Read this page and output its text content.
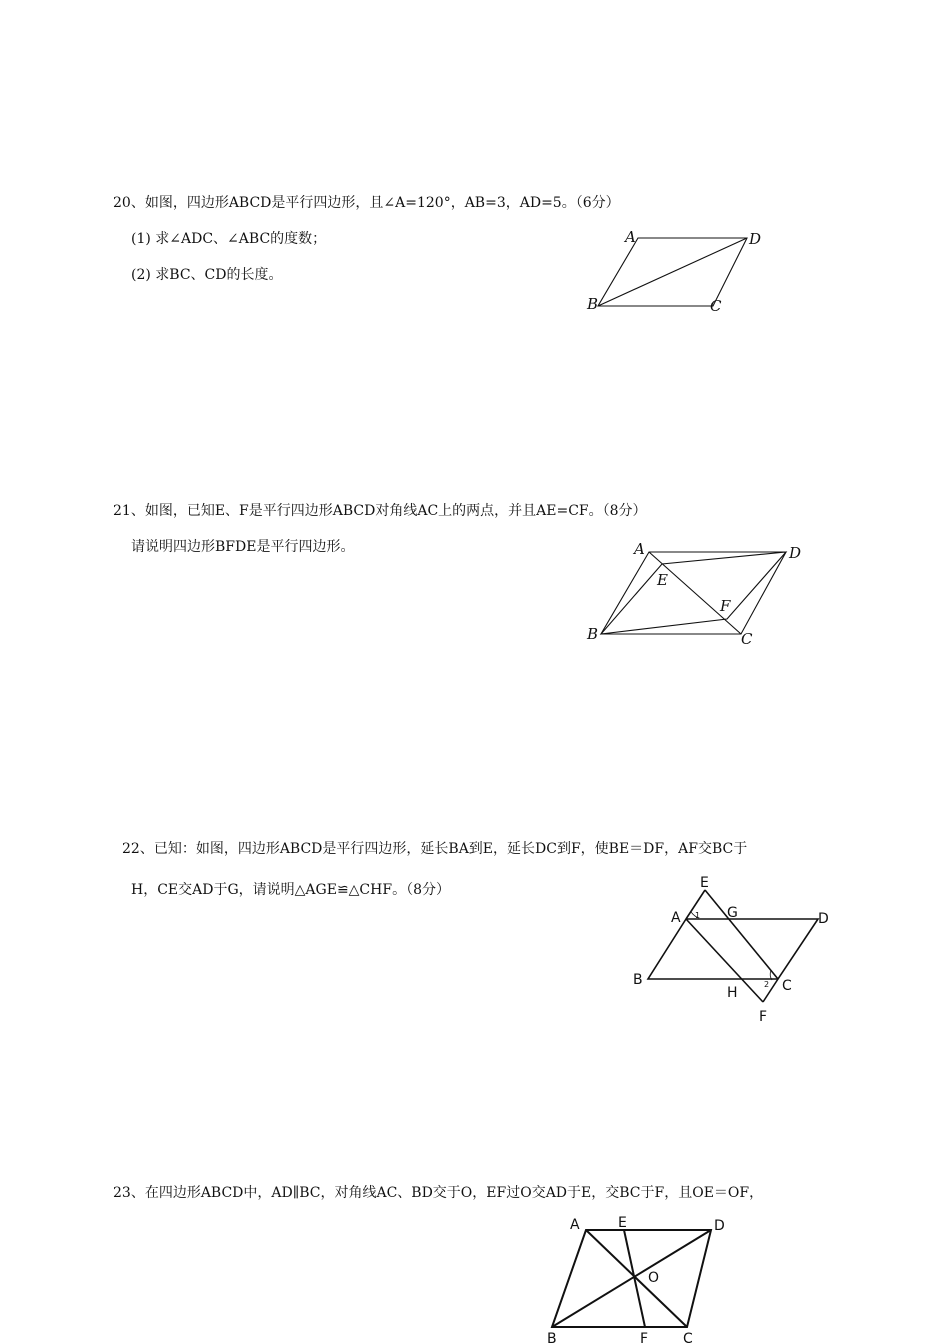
20、如图，四边形ABCD是平行四边形，且∠A=120°，AB=3，AD=5。（6分）
(1) 求∠ADC、∠ABC的度数；
(2) 求BC、CD的长度。
A	D
B	C
21、如图，已知E、F是平行四边形ABCD对角线AC上的两点，并且AE=CF。（8分）
请说明四边形BFDE是平行四边形。	A	D
E
F
B	C
22、已知：如图，四边形ABCD是平行四边形，延长BA到E，延长DC到F，使BE＝DF，AF交BC于
H，CE交AD于G，请说明△AGE≌△CHF。（8分）	E
A 1 G	D
B
H
2 C
F
23、在四边形ABCD中，AD∥BC，对角线AC、BD交于O，EF过O交AD于E，交BC于F，且OE＝OF，
A	E	D
O
B	F C
